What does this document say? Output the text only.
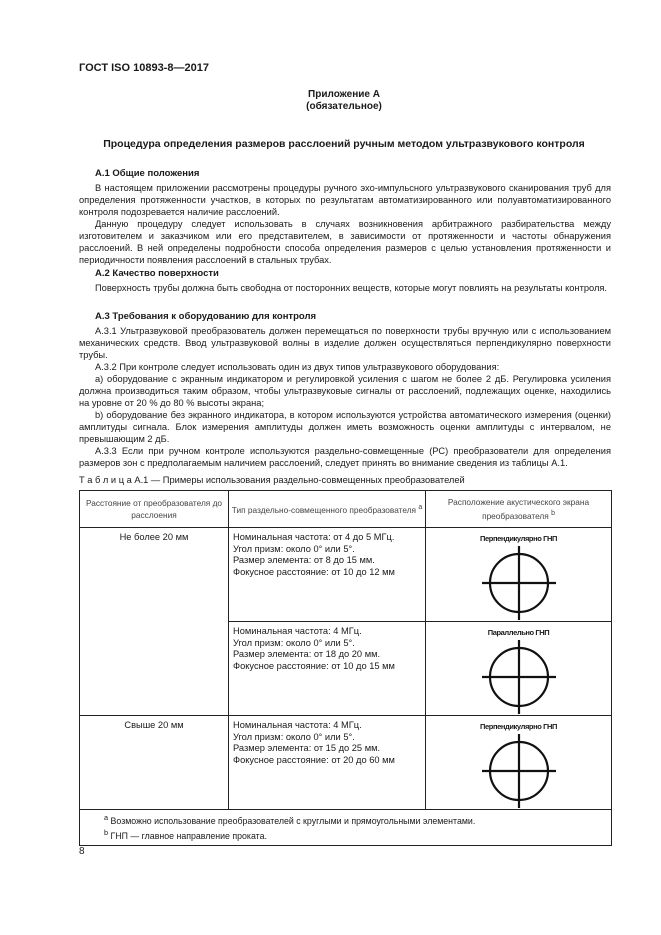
ГОСТ ISO 10893-8—2017
Приложение А
(обязательное)
Процедура определения размеров расслоений ручным методом ультразвукового контроля
А.1 Общие положения

В настоящем приложении рассмотрены процедуры ручного эхо-импульсного ультразвукового сканирования труб для определения протяженности участков, в которых по результатам автоматизированного или полуавтоматизированного контроля подозревается наличие расслоений.

Данную процедуру следует использовать в случаях возникновения арбитражного разбирательства между изготовителем и заказчиком или его представителем, в зависимости от протяженности и частоты обнаружения расслоений. В ней определены подробности способа определения размеров с целью установления протяженности и периодичности появления расслоений в стальных трубах.

А.2 Качество поверхности

Поверхность трубы должна быть свободна от посторонних веществ, которые могут повлиять на результаты контроля.

А.3 Требования к оборудованию для контроля

А.3.1 Ультразвуковой преобразователь должен перемещаться по поверхности трубы вручную или с использованием механических средств. Ввод ультразвуковой волны в изделие должен осуществляться перпендикулярно поверхности трубы.

А.3.2 При контроле следует использовать один из двух типов ультразвукового оборудования:

a) оборудование с экранным индикатором и регулировкой усиления с шагом не более 2 дБ. Регулировка усиления должна производиться таким образом, чтобы ультразвуковые сигналы от расслоений, подлежащих оценке, находились на уровне от 20 % до 80 % высоты экрана;

b) оборудование без экранного индикатора, в котором используются устройства автоматического измерения (оценки) амплитуды сигнала. Блок измерения амплитуды должен иметь возможность оценки амплитуды с интервалом, не превышающим 2 дБ.

А.3.3 Если при ручном контроле используются раздельно-совмещенные (РС) преобразователи для определения размеров зон с предполагаемым наличием расслоений, следует принять во внимание сведения из таблицы А.1.

Т а б л и ц а А.1 — Примеры использования раздельно-совмещенных преобразователей
Расстояние от преобразователя до расслоения	Тип раздельно-совмещенного преобразователя $^a$	Расположение акустического экрана преобразователя $^b$
Не более 20 мм	Номинальная частота: от 4 до 5 МГц.
Угол призм: около 0° или 5°.
Размер элемента: от 8 до 15 мм.
Фокусное расстояние: от 10 до 12 мм	Перпендикулярно ГНП

	Номинальная частота: 4 МГц.
Угол призм: около 0° или 5°.
Размер элемента: от 18 до 20 мм.
Фокусное расстояние: от 10 до 15 мм	Параллельно ГНП

Свыше 20 мм	Номинальная частота: 4 МГц.
Угол призм: около 0° или 5°.
Размер элемента: от 15 до 25 мм.
Фокусное расстояние: от 20 до 60 мм	Перпендикулярно ГНП

$^a$ Возможно использование преобразователей с круглыми и прямоугольными элементами.
$^b$ ГНП — главное направление проката.		
8
